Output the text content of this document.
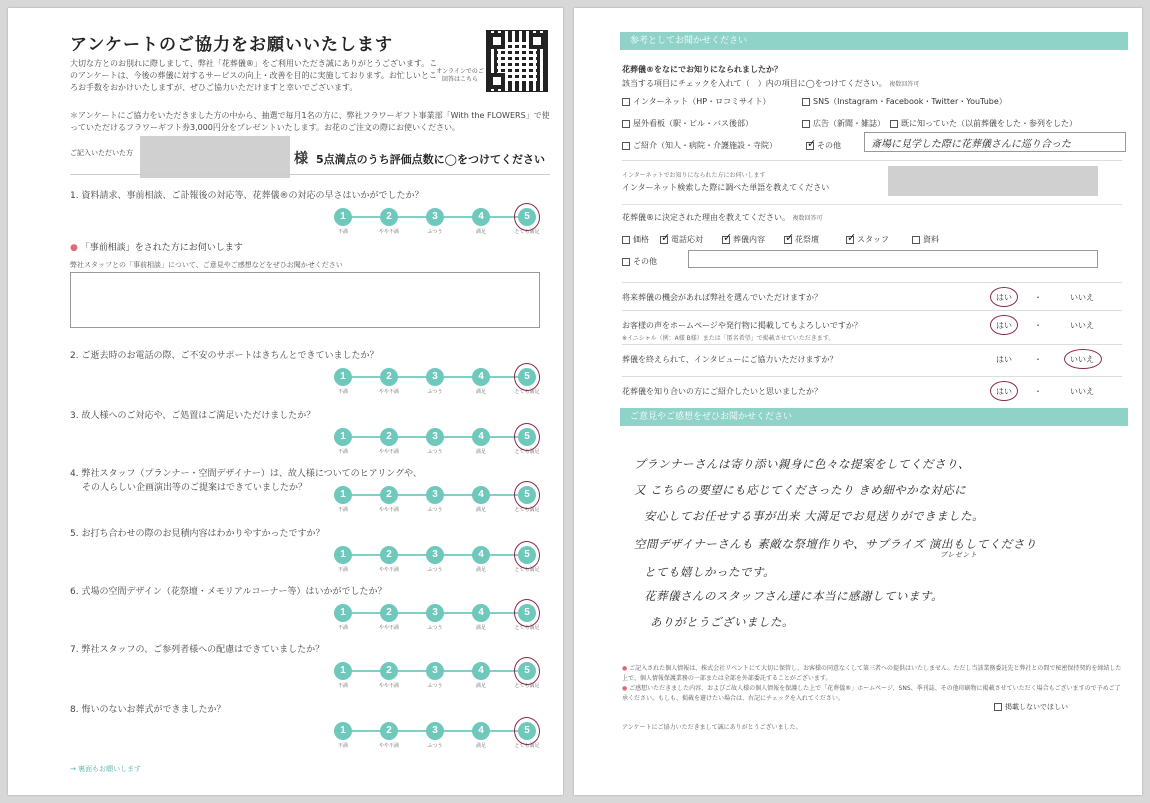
アンケートのご協力をお願いいたします
大切な方とのお別れに際しまして、弊社「花葬儀®」をご利用いただき誠にありがとうございます。このアンケートは、今後の葬儀に対するサービスの向上・改善を目的に実施しております。お忙しいところお手数をおかけいたしますが、ぜひご協力いただけますと幸いでございます。
オンラインでのご回答はこちら
＊アンケートにご協力をいただきました方の中から、抽選で毎月1名の方に、弊社フラワーギフト事業部「With the FLOWERS」で使っていただけるフラワーギフト券3,000円分をプレゼントいたします。お花のご注文の際にお使いください。
ご記入いただいた方	様 5点満点のうち評価点数に◯をつけてください
1. 資料請求、事前相談、ご訃報後の対応等、花葬儀®の対応の早さはいかがでしたか？
1
不満
2
やや不満
3
ふつう
4
満足
5
とても満足
2. ご逝去時のお電話の際、ご不安のサポートはきちんとできていましたか？
1
不満
2
やや不満
3
ふつう
4
満足
5
とても満足
3. 故人様へのご対応や、ご処置はご満足いただけましたか？
1
不満
2
やや不満
3
ふつう
4
満足
5
とても満足
4. 弊社スタッフ（プランナー・空間デザイナー）は、故人様についてのヒアリングや、
その人らしい企画演出等のご提案はできていましたか？
1
不満
2
やや不満
3
ふつう
4
満足
5
とても満足
5. お打ち合わせの際のお見積内容はわかりやすかったですか？
1
不満
2
やや不満
3
ふつう
4
満足
5
とても満足
6. 式場の空間デザイン（花祭壇・メモリアルコーナー等）はいかがでしたか？
1
不満
2
やや不満
3
ふつう
4
満足
5
とても満足
7. 弊社スタッフの、ご参列者様への配慮はできていましたか？
1
不満
2
やや不満
3
ふつう
4
満足
5
とても満足
8. 悔いのないお葬式ができましたか？
1
不満
2
やや不満
3
ふつう
4
満足
5
とても満足
● 「事前相談」をされた方にお伺いします
弊社スタッフとの「事前相談」について、ご意見やご感想などをぜひお聞かせください
→ 裏面もお願いします
参考としてお聞かせください
花葬儀®をなにでお知りになられましたか？
該当する項目にチェックを入れて（　）内の項目に◯をつけてください。 複数回答可
インターネット（HP・ロコミサイト）	SNS（Instagram・Facebook・Twitter・YouTube）
屋外看板（駅・ビル・バス後部）	広告（新聞・雑誌）	既に知っていた（以前葬儀をした・参列をした）
ご紹介（知人・病院・介護施設・寺院）	✓ その他	斎場に見学した際に花葬儀さんに巡り合った
インターネットでお知りになられた方にお伺いします
インターネット検索した際に調べた単語を教えてください
花葬儀®に決定された理由を教えてください。 複数回答可
価格 ✓ 電話応対 ✓ 葬儀内容 ✓ 花祭壇	✓ スタッフ	資料
その他
将来葬儀の機会があれば弊社を選んでいただけますか？	はい	・	いいえ
お客様の声をホームページや発行物に掲載してもよろしいですか？
※イニシャル（例：A様 B様）または「匿名希望」で掲載させていただきます。
はい	・	いいえ
葬儀を終えられて、インタビューにご協力いただけますか？	はい	・	いいえ
花葬儀を知り合いの方にご紹介したいと思いましたか？	はい	・	いいえ
ご意見やご感想をぜひお聞かせください
プランナーさんは寄り添い親身に色々な提案をしてくださり、
又 こちらの要望にも応じてくださったり きめ細やかな対応に
安心してお任せする事が出来 大満足でお見送りができました。
空間デザイナーさんも 素敵な祭壇作りや、サプライズ 演出もしてくださり
とても嬉しかったです。
花葬儀さんのスタッフさん達に本当に感謝しています。
ありがとうございました。
プレゼント
● ご記入された個人情報は、株式会社リベントにて大切に保管し、お客様の同意なくして第三者への提供はいたしません。ただし当該業務委託先と弊社との間で秘密保持契約を締結した上で、個人情報保護業務の一部または全部を外部委託することがございます。
● ご感想いただきました内容、およびご故人様の個人情報を保護した上で「花葬儀®」ホームページ、SNS、季刊誌、その他印刷物に掲載させていただく場合もございますので予めご了承ください。もしも、掲載を避けたい場合は、右記にチェックを入れてください。
掲載しないでほしい
アンケートにご協力いただきまして誠にありがとうございました。
